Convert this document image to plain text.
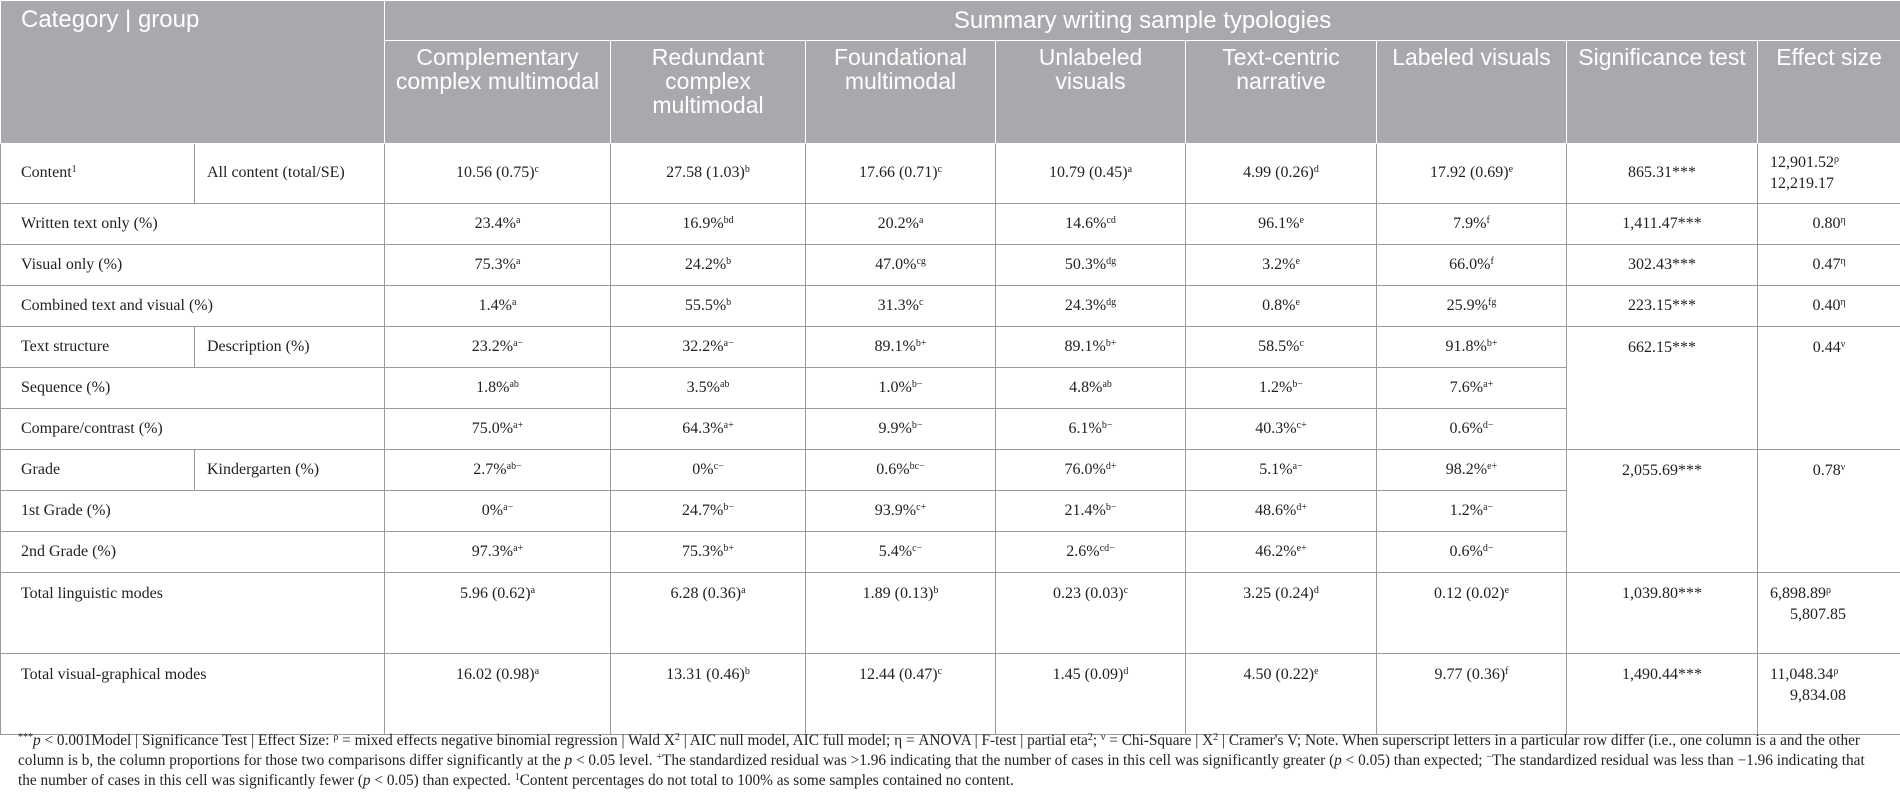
Category | group		Summary writing sample typologies							
		Complementary complex multimodal	Redundant complex multimodal	Foundational multimodal	Unlabeled visuals	Text-centric narrative	Labeled visuals	Significance test	Effect size
Content$^1$	All content (total/SE)	10.56 $(0.75)^c$	27.58 $(1.03)^b$	17.66 $(0.71)^c$	10.79 $(0.45)^a$	4.99 $(0.26)^d$	17.92 $(0.69)^e$	865.31***	$12,901.52^\rho$
12,219.17
Written text only (%)		23.4%$^a$	16.9%$^{bd}$	20.2%$^a$	14.6%$^{cd}$	96.1%$^e$	7.9%$^f$	1,411.47***	$0.80^\eta$
Visual only (%)		75.3%$^a$	24.2%$^b$	47.0%$^{cg}$	50.3%$^{dg}$	3.2%$^e$	66.0%$^f$	302.43***	$0.47^\eta$
Combined text and visual (%)		1.4%$^a$	55.5%$^b$	31.3%$^c$	24.3%$^{dg}$	0.8%$^e$	25.9%$^{fg}$	223.15***	$0.40^\eta$
Text structure	Description (%)	23.2%$^{a-}$	32.2%$^{a-}$	89.1%$^{b+}$	89.1%$^{b+}$	58.5%$^c$	91.8%$^{b+}$	662.15***	$0.44^\nu$
Sequence (%)		1.8%$^{ab}$	3.5%$^{ab}$	1.0%$^{b-}$	4.8%$^{ab}$	1.2%$^{b-}$	7.6%$^{a+}$
Compare/contrast (%)		75.0%$^{a+}$	64.3%$^{a+}$	9.9%$^{b-}$	6.1%$^{b-}$	40.3%$^{c+}$	0.6%$^{d-}$
Grade	Kindergarten (%)	2.7%$^{ab-}$	0%$^{c-}$	0.6%$^{bc-}$	76.0%$^{d+}$	5.1%$^{a-}$	98.2%$^{e+}$	2,055.69***	$0.78^\nu$
1st Grade (%)		0%$^{a-}$	24.7%$^{b-}$	93.9%$^{c+}$	21.4%$^{b-}$	48.6%$^{d+}$	1.2%$^{a-}$
2nd Grade (%)		97.3%$^{a+}$	75.3%$^{b+}$	5.4%$^{c-}$	2.6%$^{cd-}$	46.2%$^{e+}$	0.6%$^{d-}$
Total linguistic modes		5.96 $(0.62)^a$	6.28 $(0.36)^a$	1.89 $(0.13)^b$	0.23 $(0.03)^c$	3.25 $(0.24)^d$	0.12 $(0.02)^e$	1,039.80***	$6,898.89^\rho$
5,807.85
Total visual-graphical modes		16.02 $(0.98)^a$	13.31 $(0.46)^b$	12.44 $(0.47)^c$	1.45 $(0.09)^d$	4.50 $(0.22)^e$	9.77 $(0.36)^f$	1,490.44***	$11,048.34^\rho$
9,834.08
***p < 0.001Model | Significance Test | Effect Size: $^\rho$ = mixed effects negative binomial regression | Wald $X^2$ | AIC null model, AIC full model; η = ANOVA | F-test | partial eta$^2$; $^\nu$ = Chi-Square | $X^2$ | Cramer's V; Note. When superscript letters in a particular row differ (i.e., one column is a and the other column is b, the column proportions for those two comparisons differ significantly at the p < 0.05 level. +The standardized residual was >1.96 indicating that the number of cases in this cell was significantly greater (p < 0.05) than expected; −The standardized residual was less than −1.96 indicating that the number of cases in this cell was significantly fewer (p < 0.05) than expected. $^1$Content percentages do not total to 100% as some samples contained no content.
